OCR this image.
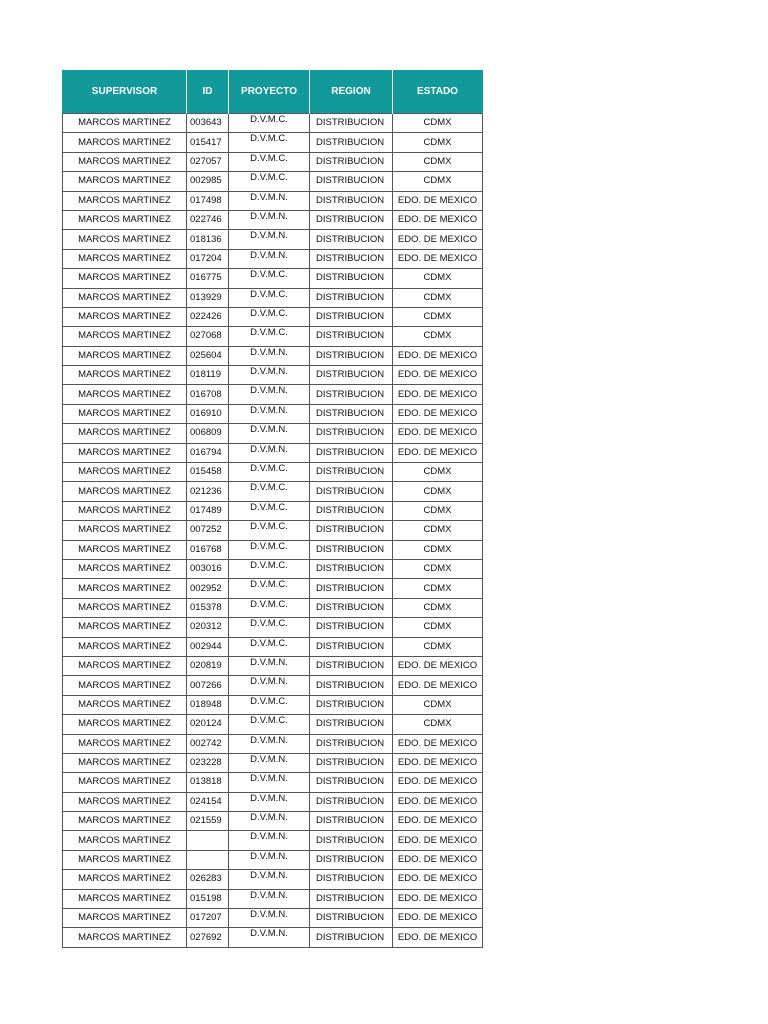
SUPERVISOR	ID	PROYECTO	REGION	ESTADO
MARCOS MARTINEZ	003643	D.V.M.C.	DISTRIBUCION	CDMX
MARCOS MARTINEZ	015417	D.V.M.C.	DISTRIBUCION	CDMX
MARCOS MARTINEZ	027057	D.V.M.C.	DISTRIBUCION	CDMX
MARCOS MARTINEZ	002985	D.V.M.C.	DISTRIBUCION	CDMX
MARCOS MARTINEZ	017498	D.V.M.N.	DISTRIBUCION	EDO. DE MEXICO
MARCOS MARTINEZ	022746	D.V.M.N.	DISTRIBUCION	EDO. DE MEXICO
MARCOS MARTINEZ	018136	D.V.M.N.	DISTRIBUCION	EDO. DE MEXICO
MARCOS MARTINEZ	017204	D.V.M.N.	DISTRIBUCION	EDO. DE MEXICO
MARCOS MARTINEZ	016775	D.V.M.C.	DISTRIBUCION	CDMX
MARCOS MARTINEZ	013929	D.V.M.C.	DISTRIBUCION	CDMX
MARCOS MARTINEZ	022426	D.V.M.C.	DISTRIBUCION	CDMX
MARCOS MARTINEZ	027068	D.V.M.C.	DISTRIBUCION	CDMX
MARCOS MARTINEZ	025604	D.V.M.N.	DISTRIBUCION	EDO. DE MEXICO
MARCOS MARTINEZ	018119	D.V.M.N.	DISTRIBUCION	EDO. DE MEXICO
MARCOS MARTINEZ	016708	D.V.M.N.	DISTRIBUCION	EDO. DE MEXICO
MARCOS MARTINEZ	016910	D.V.M.N.	DISTRIBUCION	EDO. DE MEXICO
MARCOS MARTINEZ	006809	D.V.M.N.	DISTRIBUCION	EDO. DE MEXICO
MARCOS MARTINEZ	016794	D.V.M.N.	DISTRIBUCION	EDO. DE MEXICO
MARCOS MARTINEZ	015458	D.V.M.C.	DISTRIBUCION	CDMX
MARCOS MARTINEZ	021236	D.V.M.C.	DISTRIBUCION	CDMX
MARCOS MARTINEZ	017489	D.V.M.C.	DISTRIBUCION	CDMX
MARCOS MARTINEZ	007252	D.V.M.C.	DISTRIBUCION	CDMX
MARCOS MARTINEZ	016768	D.V.M.C.	DISTRIBUCION	CDMX
MARCOS MARTINEZ	003016	D.V.M.C.	DISTRIBUCION	CDMX
MARCOS MARTINEZ	002952	D.V.M.C.	DISTRIBUCION	CDMX
MARCOS MARTINEZ	015378	D.V.M.C.	DISTRIBUCION	CDMX
MARCOS MARTINEZ	020312	D.V.M.C.	DISTRIBUCION	CDMX
MARCOS MARTINEZ	002944	D.V.M.C.	DISTRIBUCION	CDMX
MARCOS MARTINEZ	020819	D.V.M.N.	DISTRIBUCION	EDO. DE MEXICO
MARCOS MARTINEZ	007266	D.V.M.N.	DISTRIBUCION	EDO. DE MEXICO
MARCOS MARTINEZ	018948	D.V.M.C.	DISTRIBUCION	CDMX
MARCOS MARTINEZ	020124	D.V.M.C.	DISTRIBUCION	CDMX
MARCOS MARTINEZ	002742	D.V.M.N.	DISTRIBUCION	EDO. DE MEXICO
MARCOS MARTINEZ	023228	D.V.M.N.	DISTRIBUCION	EDO. DE MEXICO
MARCOS MARTINEZ	013818	D.V.M.N.	DISTRIBUCION	EDO. DE MEXICO
MARCOS MARTINEZ	024154	D.V.M.N.	DISTRIBUCION	EDO. DE MEXICO
MARCOS MARTINEZ	021559	D.V.M.N.	DISTRIBUCION	EDO. DE MEXICO
MARCOS MARTINEZ		D.V.M.N.	DISTRIBUCION	EDO. DE MEXICO
MARCOS MARTINEZ		D.V.M.N.	DISTRIBUCION	EDO. DE MEXICO
MARCOS MARTINEZ	026283	D.V.M.N.	DISTRIBUCION	EDO. DE MEXICO
MARCOS MARTINEZ	015198	D.V.M.N.	DISTRIBUCION	EDO. DE MEXICO
MARCOS MARTINEZ	017207	D.V.M.N.	DISTRIBUCION	EDO. DE MEXICO
MARCOS MARTINEZ	027692	D.V.M.N.	DISTRIBUCION	EDO. DE MEXICO
